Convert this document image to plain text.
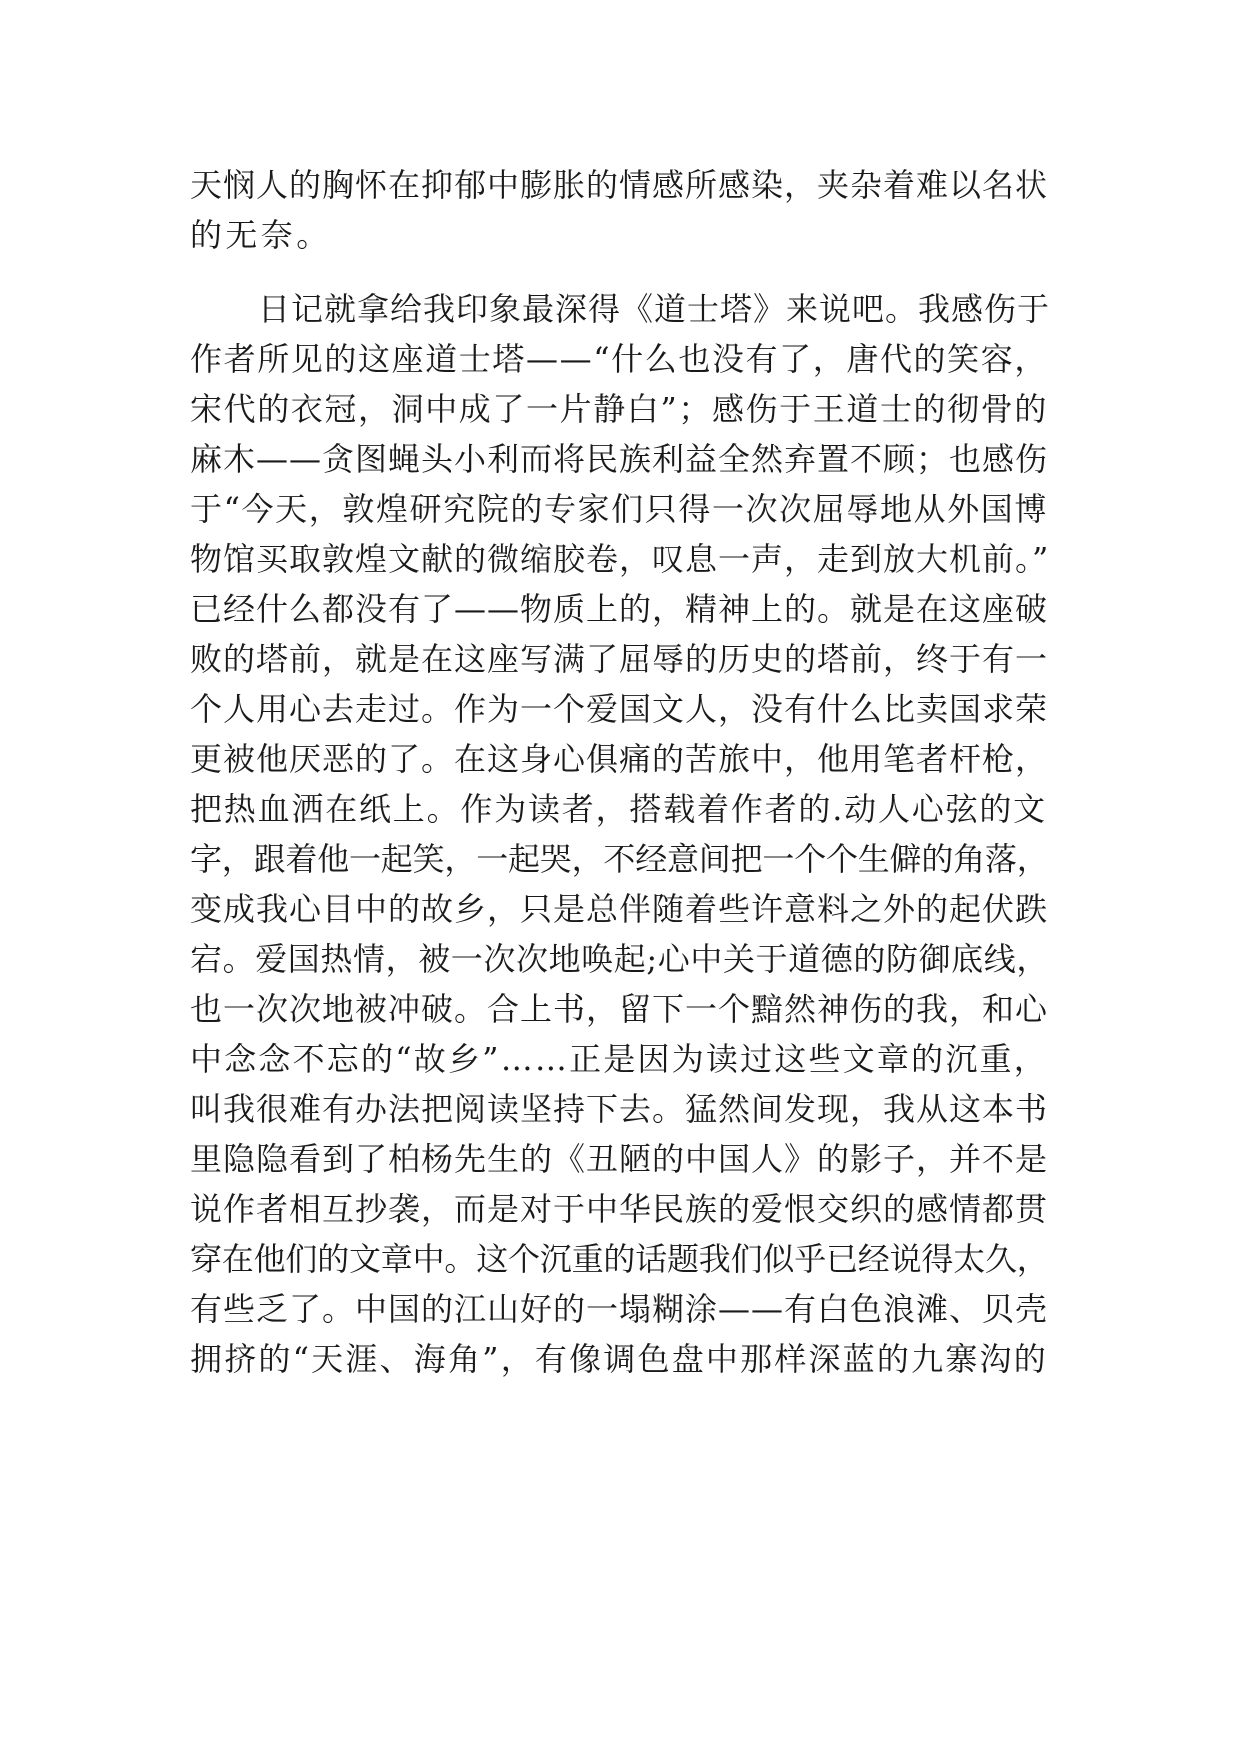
天悯人的胸怀在抑郁中膨胀的情感所感染，夹杂着难以名状
的无奈。
日记就拿给我印象最深得《道士塔》来说吧。我感伤于
作者所见的这座道士塔——“什么也没有了，唐代的笑容，
宋代的衣冠，洞中成了一片静白”；感伤于王道士的彻骨的
麻木——贪图蝇头小利而将民族利益全然弃置不顾；也感伤
于“今天，敦煌研究院的专家们只得一次次屈辱地从外国博
物馆买取敦煌文献的微缩胶卷，叹息一声，走到放大机前。”
已经什么都没有了——物质上的，精神上的。就是在这座破
败的塔前，就是在这座写满了屈辱的历史的塔前，终于有一
个人用心去走过。作为一个爱国文人，没有什么比卖国求荣
更被他厌恶的了。在这身心俱痛的苦旅中，他用笔者杆枪，
把热血洒在纸上。作为读者，搭载着作者的.动人心弦的文
字，跟着他一起笑，一起哭，不经意间把一个个生僻的角落，
变成我心目中的故乡，只是总伴随着些许意料之外的起伏跌
宕。爱国热情，被一次次地唤起;心中关于道德的防御底线，
也一次次地被冲破。合上书，留下一个黯然神伤的我，和心
中念念不忘的“故乡”……正是因为读过这些文章的沉重，
叫我很难有办法把阅读坚持下去。猛然间发现，我从这本书
里隐隐看到了柏杨先生的《丑陋的中国人》的影子，并不是
说作者相互抄袭，而是对于中华民族的爱恨交织的感情都贯
穿在他们的文章中。这个沉重的话题我们似乎已经说得太久，
有些乏了。中国的江山好的一塌糊涂——有白色浪滩、贝壳
拥挤的“天涯、海角”，有像调色盘中那样深蓝的九寨沟的
